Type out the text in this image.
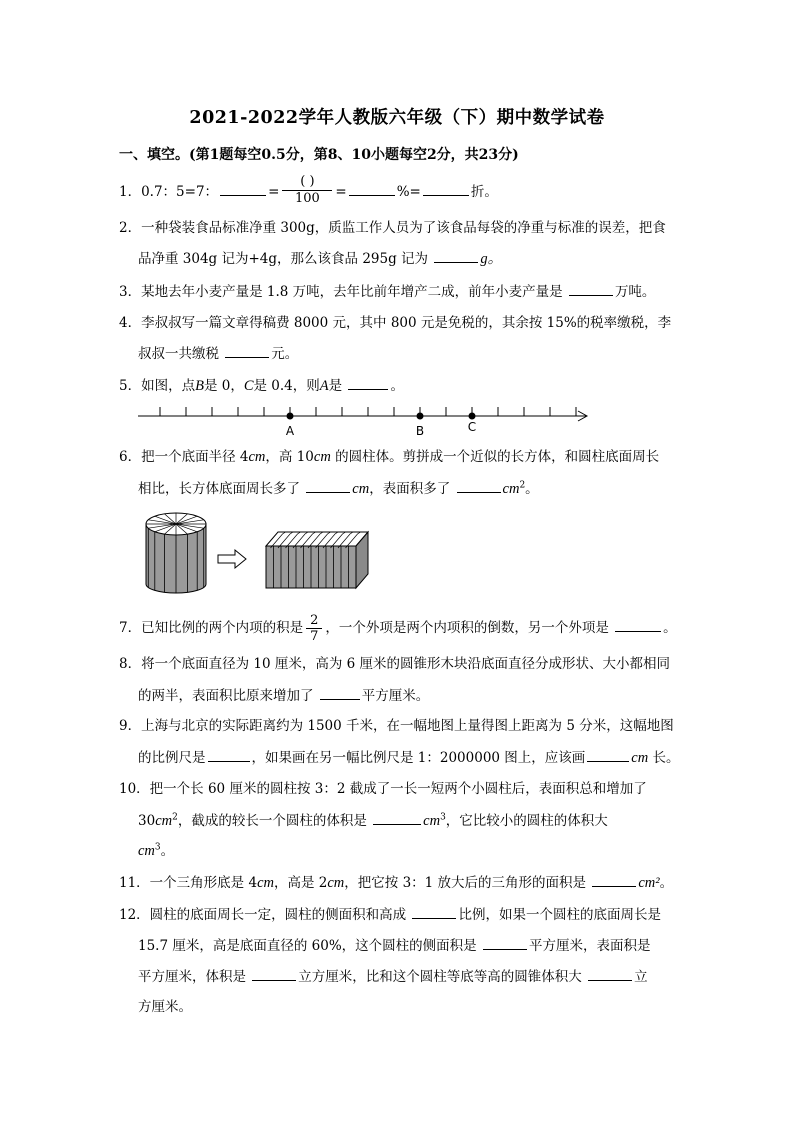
2021-2022学年人教版六年级（下）期中数学试卷
一、填空。(第1题每空0.5分，第8、10小题每空2分，共23分)
1．0.7：5=7：	= $\frac{( )}{100}$ =	%=	折。
2．一种袋装食品标准净重 300g，质监工作人员为了该食品每袋的净重与标准的误差，把食
品净重 304g 记为+4g，那么该食品 295g 记为	g。
3．某地去年小麦产量是 1.8 万吨，去年比前年增产二成，前年小麦产量是	万吨。
4．李叔叔写一篇文章得稿费 8000 元，其中 800 元是免税的，其余按 15%的税率缴税，李
叔叔一共缴税	元。
5．如图，点B是 0，C是 0.4，则A是	。
A	B	C
6．把一个底面半径 4cm，高 10cm 的圆柱体。剪拼成一个近似的长方体，和圆柱底面周长
相比，长方体底面周长多了	cm，表面积多了	$cm^2$。
7．已知比例的两个内项的积是 $\frac{2}{7}$ ，一个外项是两个内项积的倒数，另一个外项是	。
8．将一个底面直径为 10 厘米，高为 6 厘米的圆锥形木块沿底面直径分成形状、大小都相同
的两半，表面积比原来增加了	平方厘米。
9．上海与北京的实际距离约为 1500 千米，在一幅地图上量得图上距离为 5 分米，这幅地图
的比例尺是	，如果画在另一幅比例尺是 1：2000000 图上，应该画	cm 长。
10．把一个长 60 厘米的圆柱按 3：2 截成了一长一短两个小圆柱后，表面积总和增加了
$30cm^2$，截成的较长一个圆柱的体积是	$cm^3$，它比较小的圆柱的体积大
$cm^3$。
11．一个三角形底是 4cm，高是 2cm，把它按 3：1 放大后的三角形的面积是	cm²。
12．圆柱的底面周长一定，圆柱的侧面积和高成	比例，如果一个圆柱的底面周长是
15.7 厘米，高是底面直径的 60%，这个圆柱的侧面积是	平方厘米，表面积是
平方厘米，体积是	立方厘米，比和这个圆柱等底等高的圆锥体积大	立
方厘米。
